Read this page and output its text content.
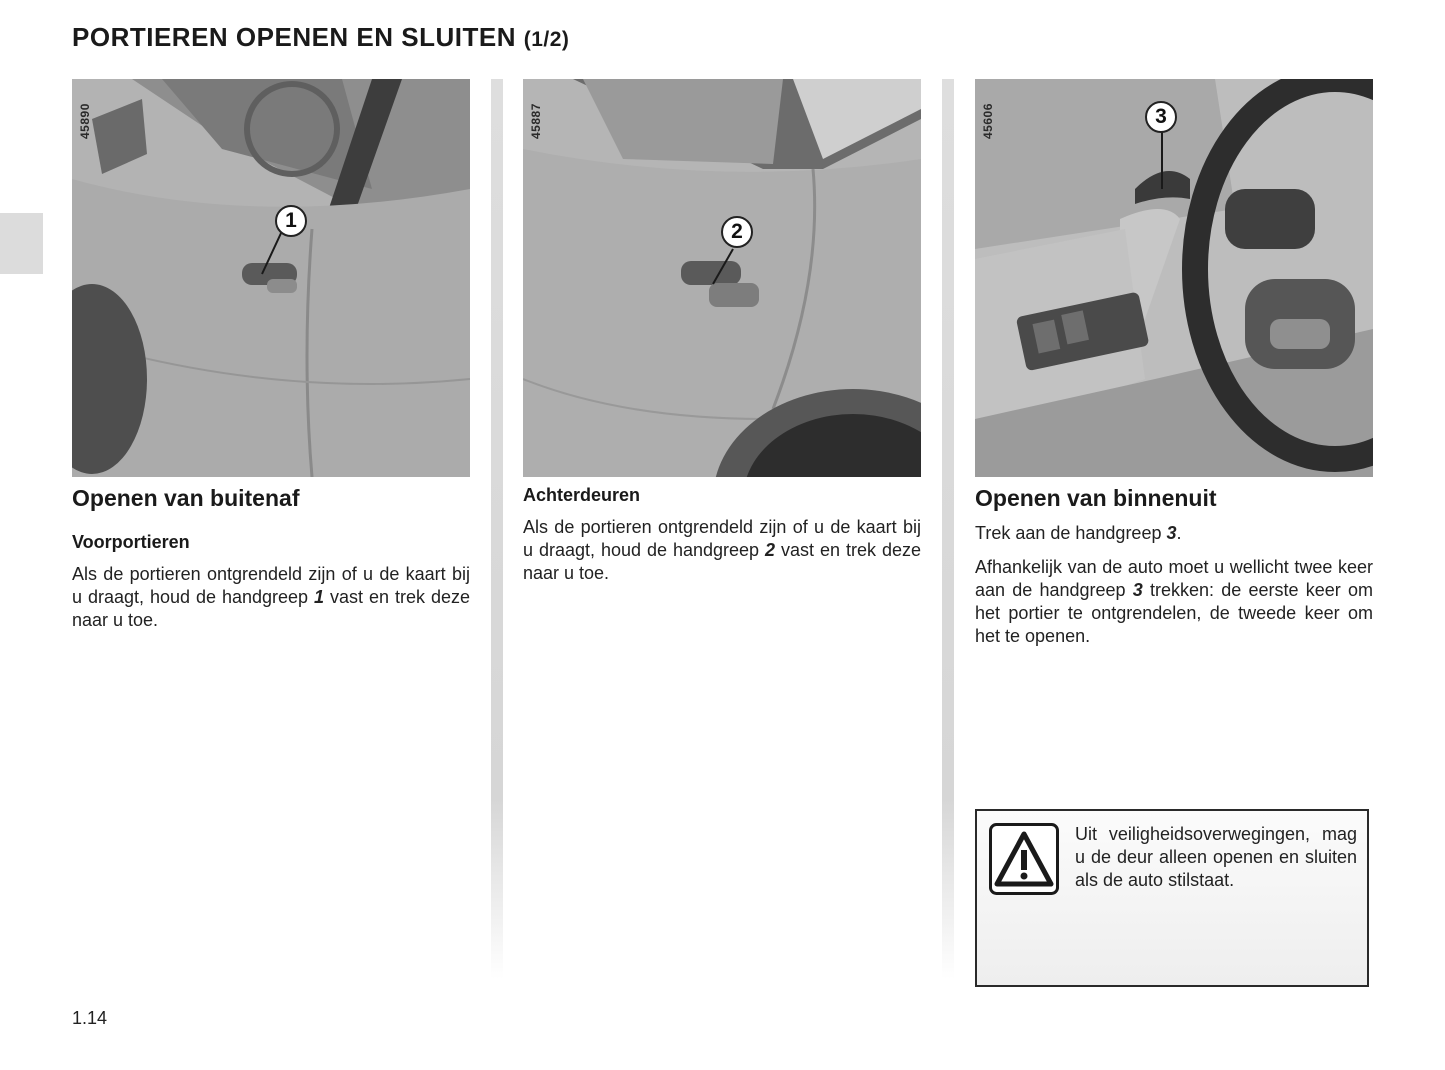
PORTIEREN OPENEN EN SLUITEN (1/2)
45890
1
Openen van buitenaf
Voorportieren

Als de portieren ontgrendeld zijn of u de kaart bij u draagt, houd de handgreep 1 vast en trek deze naar u toe.

45887
2
Achterdeuren

Als de portieren ontgrendeld zijn of u de kaart bij u draagt, houd de handgreep 2 vast en trek deze naar u toe.

45606	3
Openen van binnenuit

Trek aan de handgreep 3.

Afhankelijk van de auto moet u wellicht twee keer aan de handgreep 3 trekken: de eerste keer om het portier te ontgrendelen, de tweede keer om het te openen.

Uit veiligheidsoverwegingen, mag u de deur alleen openen en sluiten als de auto stilstaat.

1.14
